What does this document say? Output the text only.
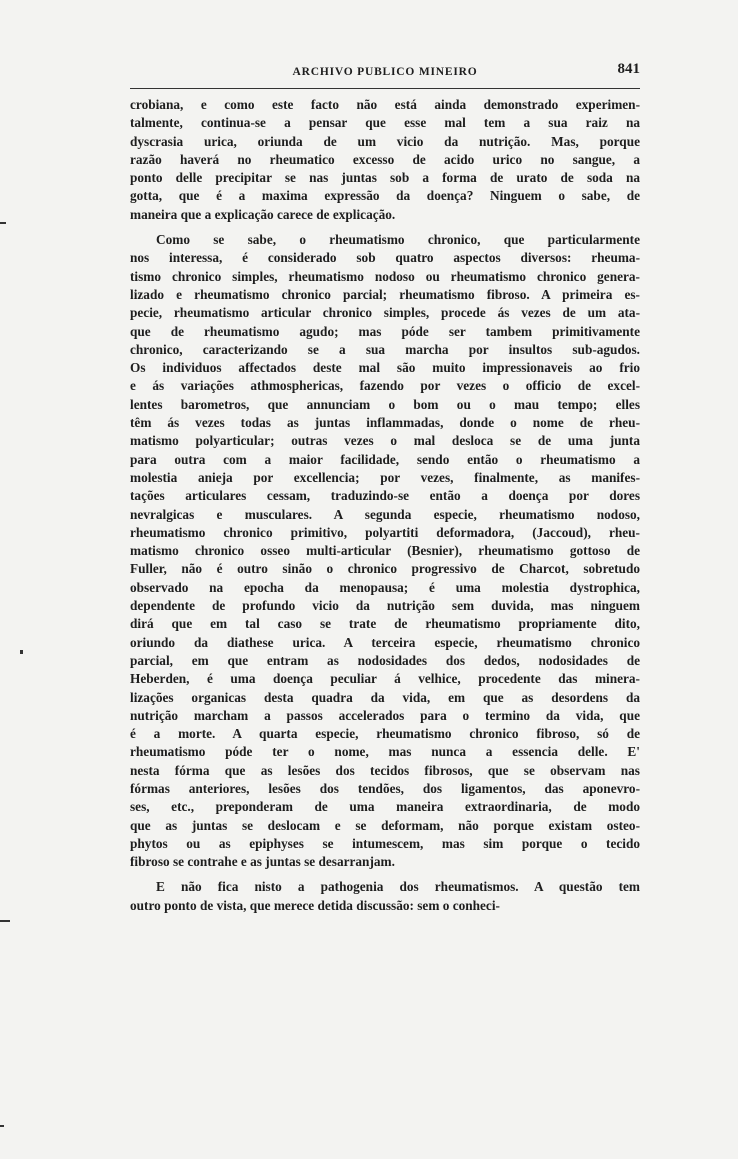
ARCHIVO PUBLICO MINEIRO	841
crobiana, e como este facto não está ainda demonstrado experimen-
talmente, continua-se a pensar que esse mal tem a sua raiz na
dyscrasia urica, oriunda de um vicio da nutrição. Mas, porque
razão haverá no rheumatico excesso de acido urico no sangue, a
ponto delle precipitar se nas juntas sob a forma de urato de soda na
gotta, que é a maxima expressão da doença? Ninguem o sabe, de
maneira que a explicação carece de explicação.
Como se sabe, o rheumatismo chronico, que particularmente
nos interessa, é considerado sob quatro aspectos diversos: rheuma-
tismo chronico simples, rheumatismo nodoso ou rheumatismo chronico genera-
lizado e rheumatismo chronico parcial; rheumatismo fibroso. A primeira es-
pecie, rheumatismo articular chronico simples, procede ás vezes de um ata-
que de rheumatismo agudo; mas póde ser tambem primitivamente
chronico, caracterizando se a sua marcha por insultos sub-agudos.
Os individuos affectados deste mal são muito impressionaveis ao frio
e ás variações athmosphericas, fazendo por vezes o officio de excel-
lentes barometros, que annunciam o bom ou o mau tempo; elles
têm ás vezes todas as juntas inflammadas, donde o nome de rheu-
matismo polyarticular; outras vezes o mal desloca se de uma junta
para outra com a maior facilidade, sendo então o rheumatismo a
molestia anieja por excellencia; por vezes, finalmente, as manifes-
tações articulares cessam, traduzindo-se então a doença por dores
nevralgicas e musculares. A segunda especie, rheumatismo nodoso,
rheumatismo chronico primitivo, polyartiti deformadora, (Jaccoud), rheu-
matismo chronico osseo multi-articular (Besnier), rheumatismo gottoso de
Fuller, não é outro sinão o chronico progressivo de Charcot, sobretudo
observado na epocha da menopausa; é uma molestia dystrophica,
dependente de profundo vicio da nutrição sem duvida, mas ninguem
dirá que em tal caso se trate de rheumatismo propriamente dito,
oriundo da diathese urica. A terceira especie, rheumatismo chronico
parcial, em que entram as nodosidades dos dedos, nodosidades de
Heberden, é uma doença peculiar á velhice, procedente das minera-
lizações organicas desta quadra da vida, em que as desordens da
nutrição marcham a passos accelerados para o termino da vida, que
é a morte. A quarta especie, rheumatismo chronico fibroso, só de
rheumatismo póde ter o nome, mas nunca a essencia delle. E'
nesta fórma que as lesões dos tecidos fibrosos, que se observam nas
fórmas anteriores, lesões dos tendões, dos ligamentos, das aponevro-
ses, etc., preponderam de uma maneira extraordinaria, de modo
que as juntas se deslocam e se deformam, não porque existam osteo-
phytos ou as epiphyses se intumescem, mas sim porque o tecido
fibroso se contrahe e as juntas se desarranjam.
E não fica nisto a pathogenia dos rheumatismos. A questão tem
outro ponto de vista, que merece detida discussão: sem o conheci-
